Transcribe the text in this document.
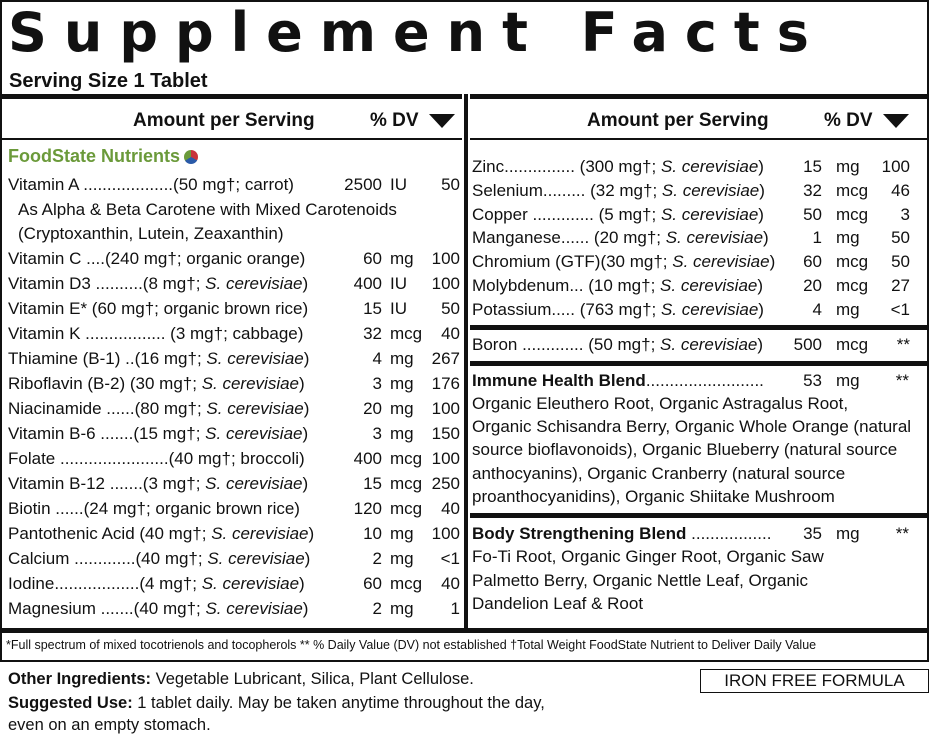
Supplement Facts
Serving Size 1 Tablet
Amount per Serving	% DV	Amount per Serving	% DV
FoodState Nutrients
Vitamin A ...................(50 mg†; carrot)	2500 IU	50
Vitamin C ....(240 mg†; organic orange)	60 mg	100
Vitamin D3 ..........(8 mg†; S. cerevisiae)	400 IU	100
Vitamin E* (60 mg†; organic brown rice)	15 IU	50
Vitamin K ................. (3 mg†; cabbage)	32 mcg	40
Thiamine (B-1) ..(16 mg†; S. cerevisiae)	4 mg	267
Riboflavin (B-2) (30 mg†; S. cerevisiae)	3 mg	176
Niacinamide ......(80 mg†; S. cerevisiae)	20 mg	100
Vitamin B-6 .......(15 mg†; S. cerevisiae)	3 mg	150
Folate .......................(40 mg†; broccoli)	400 mcg 100
Vitamin B-12 .......(3 mg†; S. cerevisiae)	15 mcg 250
Biotin ......(24 mg†; organic brown rice)	120 mcg	40
Pantothenic Acid (40 mg†; S. cerevisiae)	10 mg	100
Calcium .............(40 mg†; S. cerevisiae)	2 mg	<1
Iodine..................(4 mg†; S. cerevisiae)	60 mcg	40
Magnesium .......(40 mg†; S. cerevisiae)	2 mg	1
As Alpha & Beta Carotene with Mixed Carotenoids
(Cryptoxanthin, Lutein, Zeaxanthin)
Zinc............... (300 mg†; S. cerevisiae)	15 mg	100
Selenium......... (32 mg†; S. cerevisiae)	32 mcg	46
Copper ............. (5 mg†; S. cerevisiae)	50 mcg	3
Manganese...... (20 mg†; S. cerevisiae)	1 mg	50
Chromium (GTF)(30 mg†; S. cerevisiae)	60 mcg	50
Molybdenum... (10 mg†; S. cerevisiae)	20 mcg	27
Potassium..... (763 mg†; S. cerevisiae)	4 mg	<1
Boron ............. (50 mg†; S. cerevisiae)	500 mcg	**
Immune Health Blend.........................	53 mg	**
Organic Eleuthero Root, Organic Astragalus Root,
Organic Schisandra Berry, Organic Whole Orange (natural
source bioflavonoids), Organic Blueberry (natural source
anthocyanins), Organic Cranberry (natural source
proanthocyanidins), Organic Shiitake Mushroom
Body Strengthening Blend .................	35 mg	**
Fo-Ti Root, Organic Ginger Root, Organic Saw
Palmetto Berry, Organic Nettle Leaf, Organic
Dandelion Leaf & Root
*Full spectrum of mixed tocotrienols and tocopherols ** % Daily Value (DV) not established †Total Weight FoodState Nutrient to Deliver Daily Value
Other Ingredients: Vegetable Lubricant, Silica, Plant Cellulose.
Suggested Use: 1 tablet daily. May be taken anytime throughout the day,
even on an empty stomach.
IRON FREE FORMULA
